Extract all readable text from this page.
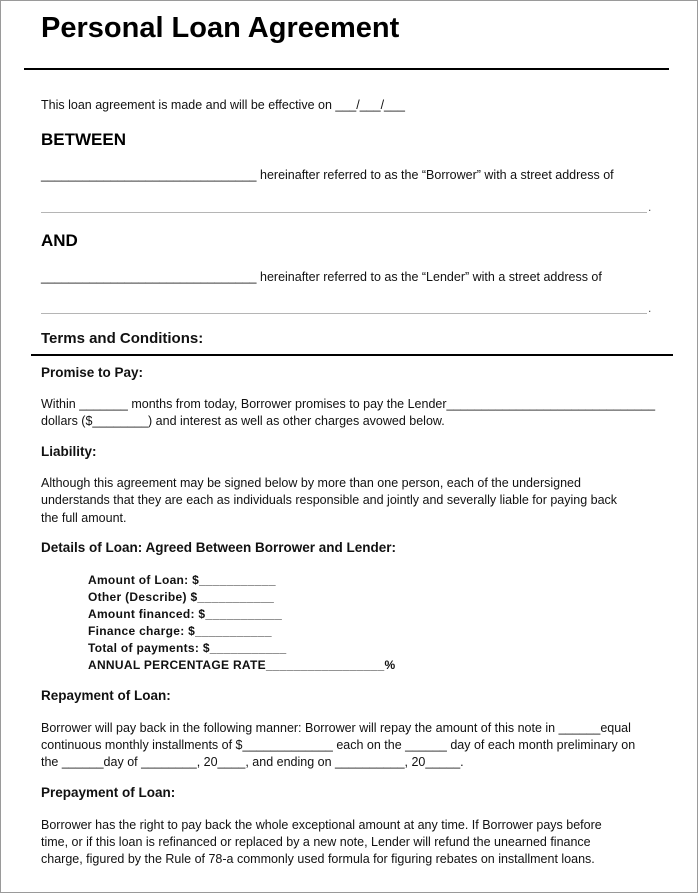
Personal Loan Agreement
This loan agreement is made and will be effective on ___/___/___
BETWEEN
_______________________________ hereinafter referred to as the “Borrower” with a street address of
.
AND
_______________________________ hereinafter referred to as the “Lender” with a street address of
.
Terms and Conditions:
Promise to Pay:
Within _______ months from today, Borrower promises to pay the Lender______________________________
dollars ($________) and interest as well as other charges avowed below.
Liability:
Although this agreement may be signed below by more than one person, each of the undersigned
understands that they are each as individuals responsible and jointly and severally liable for paying back
the full amount.
Details of Loan: Agreed Between Borrower and Lender:
Amount of Loan: $___________
Other (Describe) $___________
Amount financed: $___________
Finance charge: $___________
Total of payments: $___________
ANNUAL PERCENTAGE RATE_________________%
Repayment of Loan:
Borrower will pay back in the following manner: Borrower will repay the amount of this note in ______equal
continuous monthly installments of $_____________ each on the ______ day of each month preliminary on
the ______day of ________, 20____, and ending on __________, 20_____.
Prepayment of Loan:
Borrower has the right to pay back the whole exceptional amount at any time. If Borrower pays before
time, or if this loan is refinanced or replaced by a new note, Lender will refund the unearned finance
charge, figured by the Rule of 78-a commonly used formula for figuring rebates on installment loans.
